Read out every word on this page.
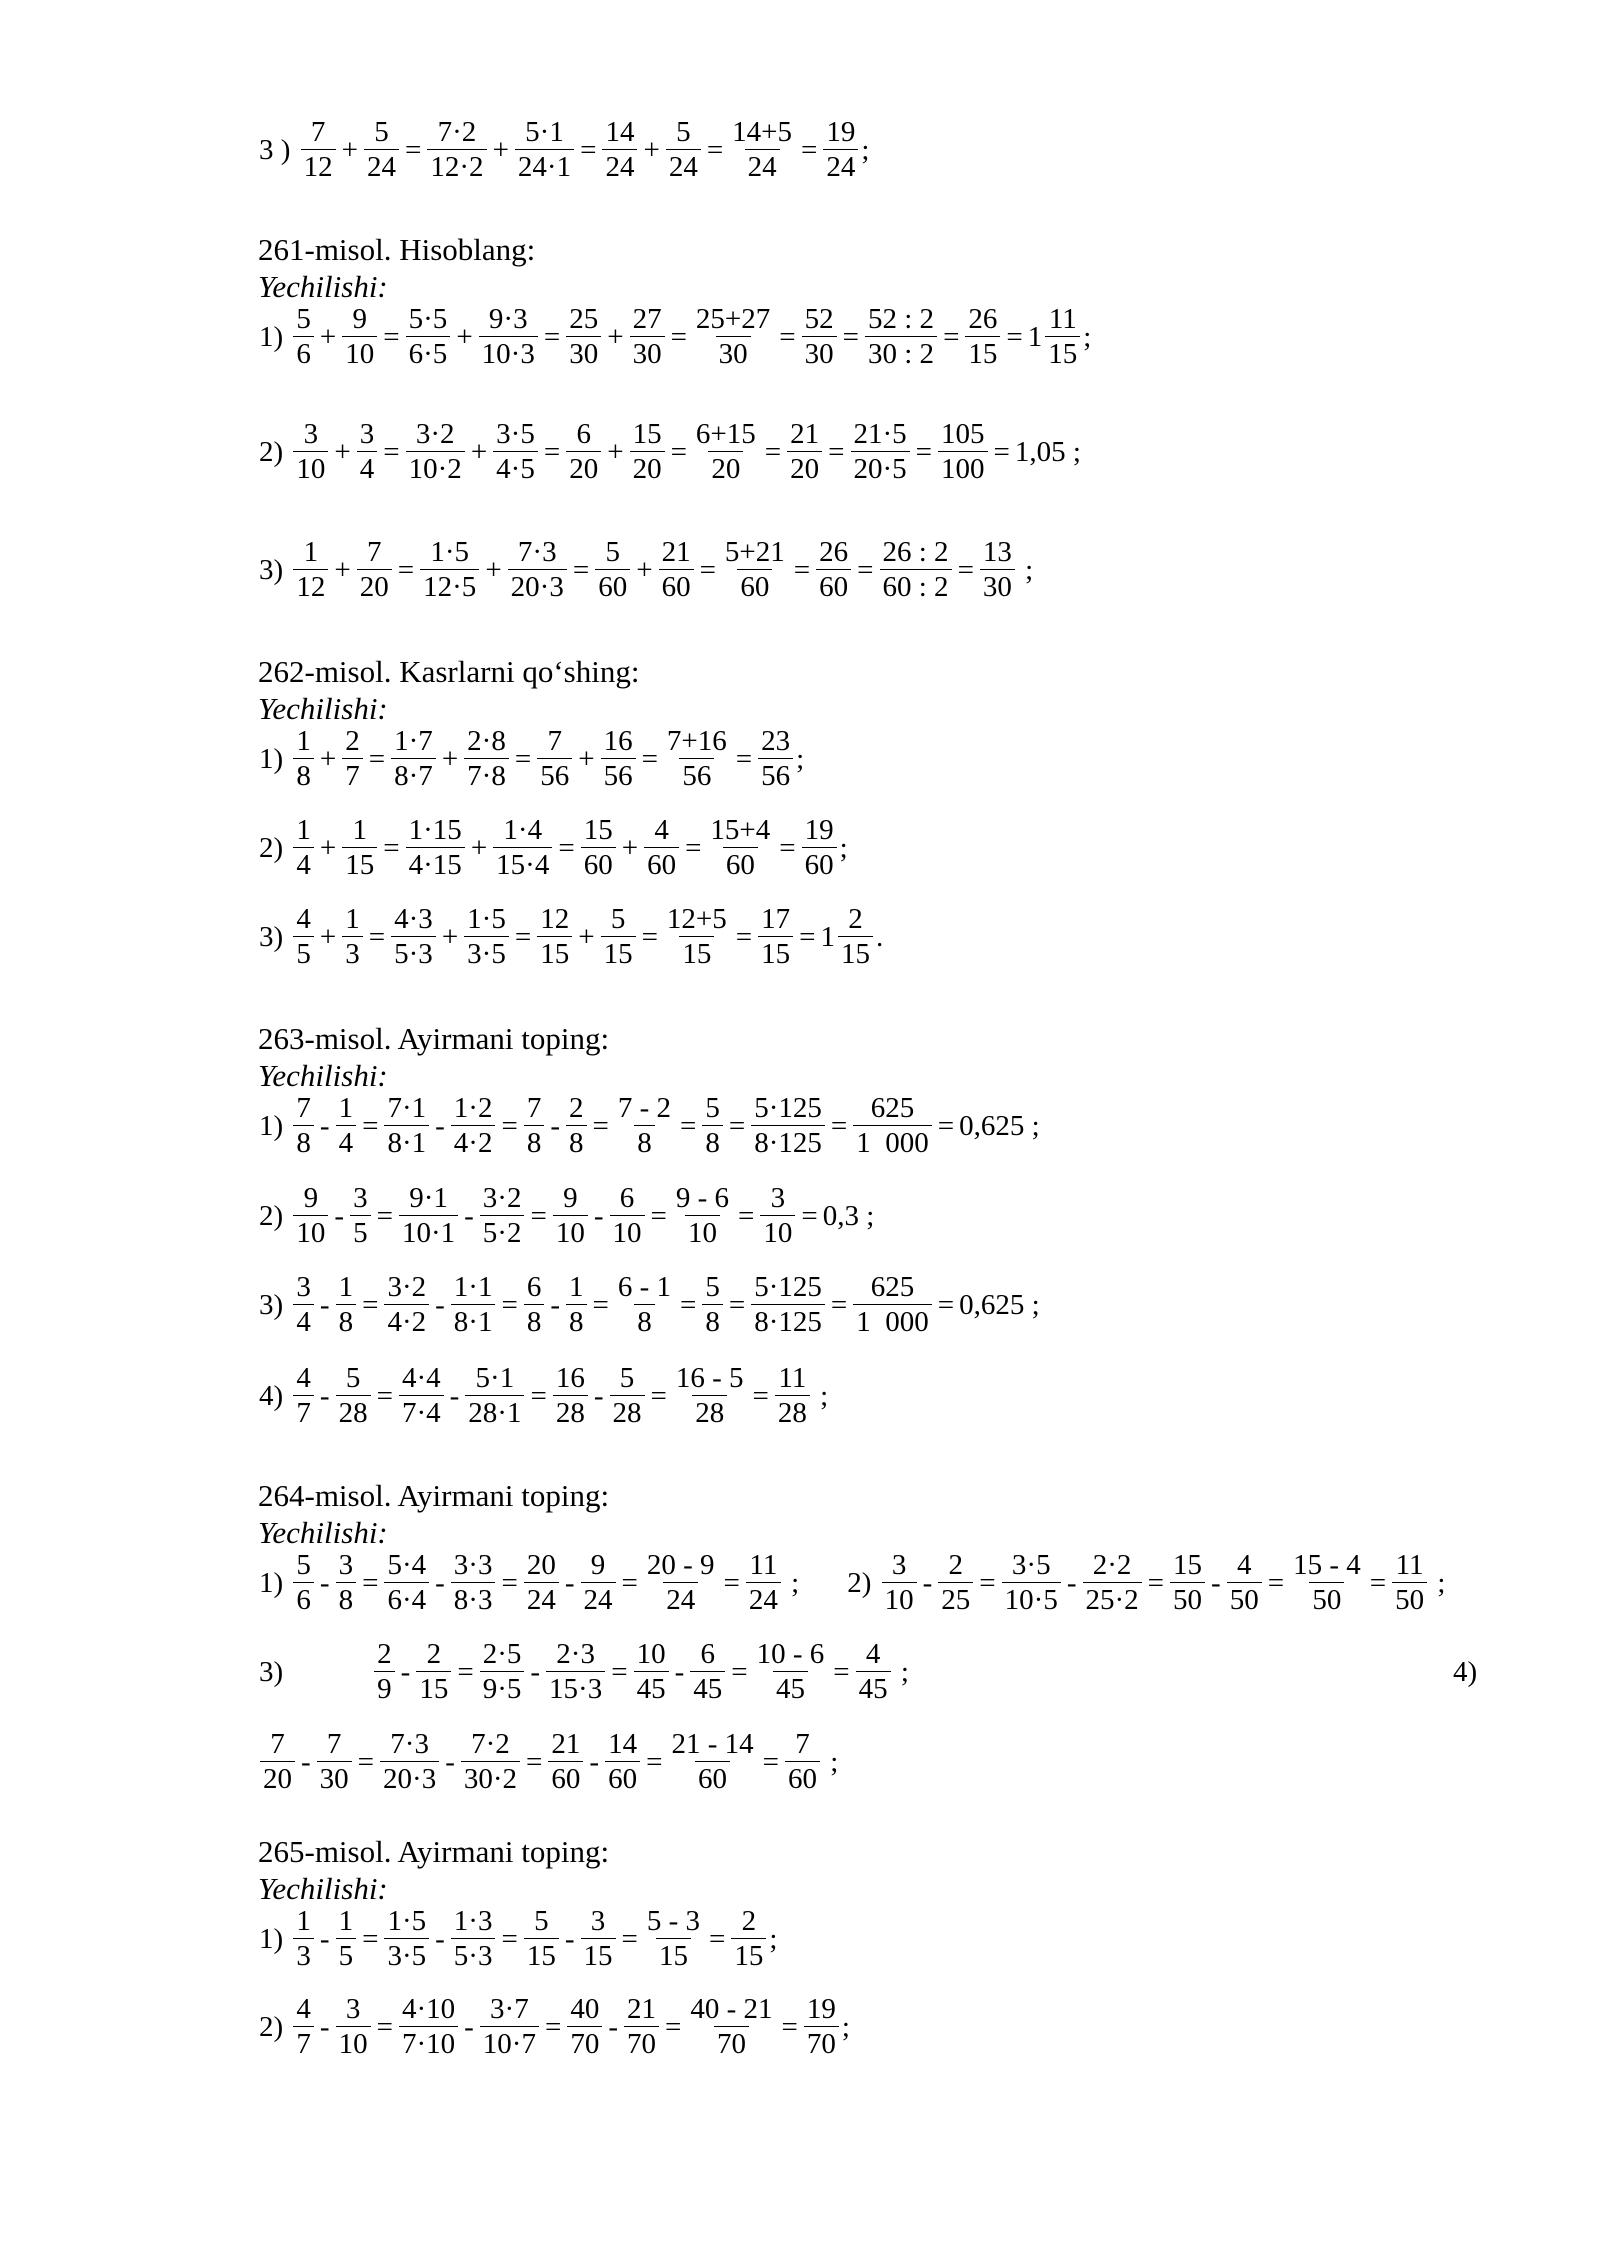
3 ) $\frac{7}{12} + \frac{5}{24} = \frac{7\cdot 2}{12\cdot 2} + \frac{5\cdot 1}{24\cdot 1} = \frac{14}{24} + \frac{5}{24} = \frac{14+5}{24} = \frac{19}{24}$ ;
261-misol. Hisoblang:
Yechilishi:
$1) \frac{5}{6} + \frac{9}{10} = \frac{5\cdot 5}{6\cdot 5} + \frac{9\cdot 3}{10\cdot 3} = \frac{25}{30} + \frac{27}{30} = \frac{25+27}{30} = \frac{52}{30} = \frac{52 : 2}{30 : 2} = \frac{26}{15} = 1 \frac{11}{15}$ ;
$2) \frac{3}{10} + \frac{3}{4} = \frac{3\cdot 2}{10\cdot 2} + \frac{3\cdot 5}{4\cdot 5} = \frac{6}{20} + \frac{15}{20} = \frac{6+15}{20} = \frac{21}{20} = \frac{21\cdot 5}{20\cdot 5} = \frac{105}{100} = 1,05$ ;
$3) \frac{1}{12} + \frac{7}{20} = \frac{1\cdot 5}{12\cdot 5} + \frac{7\cdot 3}{20\cdot 3} = \frac{5}{60} + \frac{21}{60} = \frac{5+21}{60} = \frac{26}{60} = \frac{26 : 2}{60 : 2} = \frac{13}{30}$ ;
262-misol. Kasrlarni qo‘shing:
Yechilishi:
$1) \frac{1}{8} + \frac{2}{7} = \frac{1\cdot 7}{8\cdot 7} + \frac{2\cdot 8}{7\cdot 8} = \frac{7}{56} + \frac{16}{56} = \frac{7+16}{56} = \frac{23}{56}$ ;
$2) \frac{1}{4} + \frac{1}{15} = \frac{1\cdot 15}{4\cdot 15} + \frac{1\cdot 4}{15\cdot 4} = \frac{15}{60} + \frac{4}{60} = \frac{15+4}{60} = \frac{19}{60}$ ;
$3) \frac{4}{5} + \frac{1}{3} = \frac{4\cdot 3}{5\cdot 3} + \frac{1\cdot 5}{3\cdot 5} = \frac{12}{15} + \frac{5}{15} = \frac{12+5}{15} = \frac{17}{15} = 1 \frac{2}{15}$ .
263-misol. Ayirmani toping:
Yechilishi:
$1) \frac{7}{8} - \frac{1}{4} = \frac{7\cdot 1}{8\cdot 1} - \frac{1\cdot 2}{4\cdot 2} = \frac{7}{8} - \frac{2}{8} = \frac{7 - 2}{8} = \frac{5}{8} = \frac{5\cdot 125}{8\cdot 125} = \frac{625}{1 000} = 0,625$ ;
$2) \frac{9}{10} - \frac{3}{5} = \frac{9\cdot 1}{10\cdot 1} - \frac{3\cdot 2}{5\cdot 2} = \frac{9}{10} - \frac{6}{10} = \frac{9 - 6}{10} = \frac{3}{10} = 0,3$ ;
$3) \frac{3}{4} - \frac{1}{8} = \frac{3\cdot 2}{4\cdot 2} - \frac{1\cdot 1}{8\cdot 1} = \frac{6}{8} - \frac{1}{8} = \frac{6 - 1}{8} = \frac{5}{8} = \frac{5\cdot 125}{8\cdot 125} = \frac{625}{1 000} = 0,625$ ;
$4) \frac{4}{7} - \frac{5}{28} = \frac{4\cdot 4}{7\cdot 4} - \frac{5\cdot 1}{28\cdot 1} = \frac{16}{28} - \frac{5}{28} = \frac{16 - 5}{28} = \frac{11}{28}$ ;
264-misol. Ayirmani toping:
Yechilishi:
$1) \frac{5}{6} - \frac{3}{8} = \frac{5\cdot 4}{6\cdot 4} - \frac{3\cdot 3}{8\cdot 3} = \frac{20}{24} - \frac{9}{24} = \frac{20 - 9}{24} = \frac{11}{24}$ ; $2) \frac{3}{10} - \frac{2}{25} = \frac{3\cdot 5}{10\cdot 5} - \frac{2\cdot 2}{25\cdot 2} = \frac{15}{50} - \frac{4}{50} = \frac{15 - 4}{50} = \frac{11}{50}$ ;
3)	$\frac{2}{9} - \frac{2}{15} = \frac{2\cdot 5}{9\cdot 5} - \frac{2\cdot 3}{15\cdot 3} = \frac{10}{45} - \frac{6}{45} = \frac{10 - 6}{45} = \frac{4}{45}$ ;	4)
$\frac{7}{20} - \frac{7}{30} = \frac{7\cdot 3}{20\cdot 3} - \frac{7\cdot 2}{30\cdot 2} = \frac{21}{60} - \frac{14}{60} = \frac{21 - 14}{60} = \frac{7}{60}$ ;
265-misol. Ayirmani toping:
Yechilishi:
$1) \frac{1}{3} - \frac{1}{5} = \frac{1\cdot 5}{3\cdot 5} - \frac{1\cdot 3}{5\cdot 3} = \frac{5}{15} - \frac{3}{15} = \frac{5 - 3}{15} = \frac{2}{15}$ ;
$2) \frac{4}{7} - \frac{3}{10} = \frac{4\cdot 10}{7\cdot 10} - \frac{3\cdot 7}{10\cdot 7} = \frac{40}{70} - \frac{21}{70} = \frac{40 - 21}{70} = \frac{19}{70}$ ;
